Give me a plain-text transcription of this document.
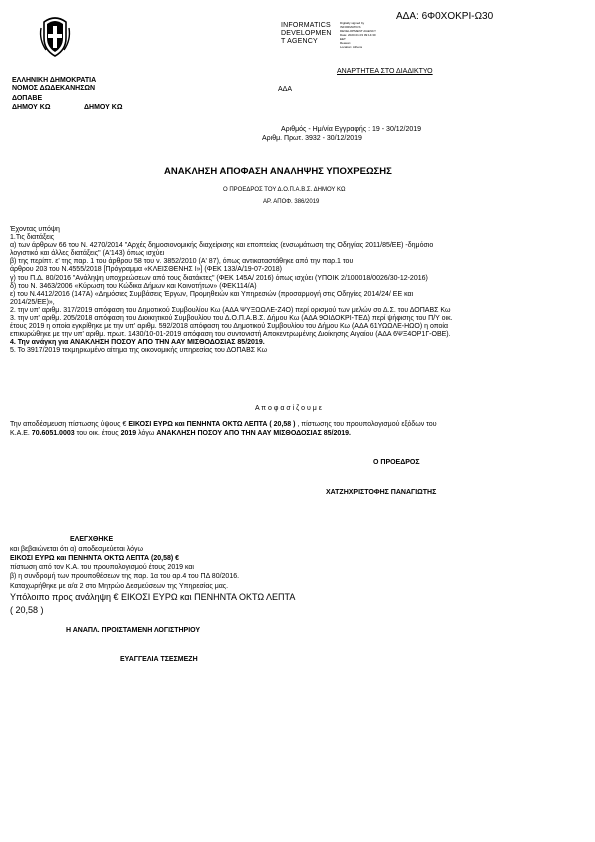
ΑΔΑ: 6Φ0ΧΟΚΡΙ-Ω30
INFORMATICS
DEVELOPMEN
T AGENCY
Digitally signed by
INFORMATICS
DEVELOPMENT AGENCY
Date: 2020.01.03 09:14:30
EET
Reason:
Location: Athens
ΑΝΑΡΤΗΤΕΑ ΣΤΟ ΔΙΑΔΙΚΤΥΟ
ΕΛΛΗΝΙΚΗ ΔΗΜΟΚΡΑΤΙΑ
ΝΟΜΟΣ ΔΩΔΕΚΑΝΗΣΩΝ
ΔΟΠΑΒΕ
ΔΗΜΟΥ ΚΩ	ΔΗΜΟΥ ΚΩ
ΑΔΑ
Αριθμός - Ημ/νία Εγγραφής : 19 - 30/12/2019
Αριθμ. Πρωτ. 3932 - 30/12/2019
ΑΝΑΚΛΗΣΗ ΑΠΟΦΑΣΗ ΑΝΑΛΗΨΗΣ ΥΠΟΧΡΕΩΣΗΣ
Ο ΠΡΟΕΔΡΟΣ ΤΟΥ Δ.Ο.Π.Α.Β.Σ. ΔΗΜΟΥ ΚΩ
ΑΡ. ΑΠΟΦ. 386/2019
Έχοντας υπόψη
1.Τις διατάξεις
α) των άρθρων 66 του Ν. 4270/2014 "Αρχές δημοσιονομικής διαχείρισης και εποπτείας (ενσωμάτωση της Οδηγίας 2011/85/ΕΕ) -δημόσιο
λογιστικό και άλλες διατάξεις" (Α'143) όπως ισχύει
β) της περίπτ. ε' της παρ. 1 του άρθρου 58 του ν. 3852/2010 (Α' 87), όπως αντικαταστάθηκε από την παρ.1 του
άρθρου 203 του Ν.4555/2018 [Πρόγραμμα «ΚΛΕΙΣΘΕΝΗΣ Ι»] (ΦΕΚ 133/Α/19-07-2018)
γ) του Π.Δ. 80/2016 "Ανάληψη υποχρεώσεων από τους διατάκτες" (ΦΕΚ 145Α/ 2016) όπως ισχύει (ΥΠΟΙΚ 2/100018/0026/30-12-2016)
δ) του Ν. 3463/2006 «Κύρωση του Κώδικα Δήμων και Κοινοτήτων» (ΦΕΚ114/Α)
ε) του Ν.4412/2016 (147Α) «Δημόσιες Συμβάσεις Έργων, Προμηθειών και Υπηρεσιών (προσαρμογή στις Οδηγίες 2014/24/ ΕΕ και
2014/25/ΕΕ)»,
2. την υπ' αριθμ. 317/2019 απόφαση του Δημοτικού Συμβουλίου Κω (ΑΔΑ ΨΥΞΩΩΛΕ-Ζ4Ο) περί ορισμού των μελών σο Δ.Σ. του ΔΟΠΑΒΣ Κω
3. την υπ' αριθμ. 205/2018 απόφαση του Διοικητικού Συμβουλίου του Δ.Ο.Π.Α.Β.Σ. Δήμου Κω (ΑΔΑ 9ΟΙΔΟΚΡΙ-ΤΕΔ) περί ψήφισης του Π/Υ οικ.
έτους 2019 η οποία εγκρίθηκε με την υπ' αριθμ. 592/2018 απόφαση του Δημοτικού Συμβουλίου του Δήμου Κω (ΑΔΑ 61ΥΩΩΛΕ-ΗΩΟ) η οποία
επικυρώθηκε με την υπ' αριθμ. πρωτ. 1430/10-01-2019 απόφαση του συντονιστή Αποκεντρωμένης Διοίκησης Αιγαίου (ΑΔΑ 6ΨΞ4ΟΡ1Γ-ΟΒΕ).
4. Την ανάγκη για ΑΝΑΚΛΗΣΗ ΠΟΣΟΥ ΑΠΟ ΤΗΝ ΑΑΥ ΜΙΣΘΟΔΟΣΙΑΣ 85/2019.
5. Το 3917/2019 τεκμηριωμένο αίτημα της οικονομικής υπηρεσίας του ΔΟΠΑΒΣ Κω
Α π ο φ α σ ί ζ ο υ μ ε
Την αποδέσμευση πίστωσης ύψους € ΕΙΚΟΣΙ ΕΥΡΩ και ΠΕΝΗΝΤΑ ΟΚΤΩ ΛΕΠΤΑ ( 20,58 ) , πίστωσης του προυπολογισμού εξόδων του
Κ.Α.Ε. 70.6051.0003 του οικ. έτους 2019 λόγω ΑΝΑΚΛΗΣΗ ΠΟΣΟΥ ΑΠΟ ΤΗΝ ΑΑΥ ΜΙΣΘΟΔΟΣΙΑΣ 85/2019.
Ο ΠΡΟΕΔΡΟΣ
ΧΑΤΖΗΧΡΙΣΤΟΦΗΣ ΠΑΝΑΓΙΩΤΗΣ
ΕΛΕΓΧΘΗΚΕ
και βεβαιώνεται ότι α) αποδεσμεύεται λόγω
ΕΙΚΟΣΙ ΕΥΡΩ και ΠΕΝΗΝΤΑ ΟΚΤΩ ΛΕΠΤΑ (20,58) €
πίστωση από τον Κ.Α. του προυπολογισμού έτους 2019 και
β) η συνδρομή των προυποθέσεων της παρ. 1α του αρ.4 του ΠΔ 80/2016.
Καταχωρήθηκε με α/α 2 στο Μητρώο Δεσμεύσεων της Υπηρεσίας μας.
Υπόλοιπο προς ανάληψη € ΕΙΚΟΣΙ ΕΥΡΩ και ΠΕΝΗΝΤΑ ΟΚΤΩ ΛΕΠΤΑ
( 20,58 )
Η ΑΝΑΠΛ. ΠΡΟΙΣΤΑΜΕΝΗ ΛΟΓΙΣΤΗΡΙΟΥ
ΕΥΑΓΓΕΛΙΑ ΤΣΕΣΜΕΖΗ
